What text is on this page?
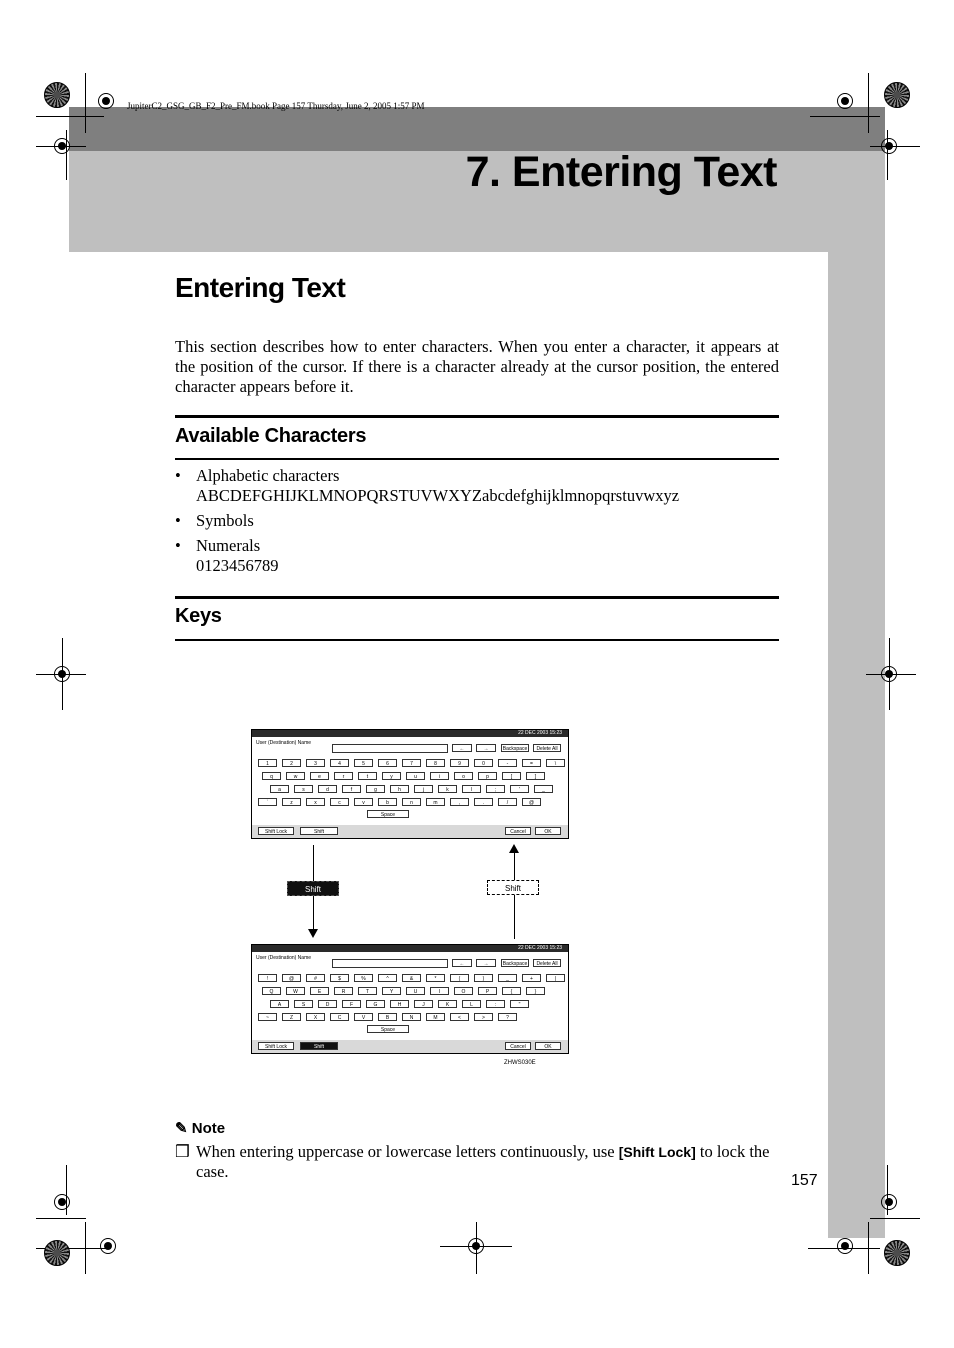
JupiterC2_GSG_GB_F2_Pre_FM.book Page 157 Thursday, June 2, 2005 1:57 PM
7. Entering Text
Entering Text
This section describes how to enter characters. When you enter a character, it appears at the position of the cursor. If there is a character already at the cursor position, the entered character appears before it.
Available Characters
• Alphabetic characters
ABCDEFGHIJKLMNOPQRSTUVWXYZabcdefghijklmnopqrstuvwxyz
• Symbols
• Numerals
0123456789
Keys
22 DEC 2003 15:23
User (Destination) Name
←	→	Backspace	Delete All
1	2	3	4	5	6	7	8	9	0	-	=	\
q	w	e	r	t	y	u	i	o	p	[	]
a	s	d	f	g	h	j	k	l	;	'	_
`	z	x	c	v	b	n	m	,	.	/	@
Space
Shift Lock	Shift	Cancel	OK
Shift	Shift
22 DEC 2003 15:23
User (Destination) Name
←	→	Backspace	Delete All
!	@	#	$	%	^	&	*	(	)	_	+	|
Q	W	E	R	T	Y	U	I	O	P	{	}
A	S	D	F	G	H	J	K	L	:	"
~	Z	X	C	V	B	N	M	<	>	?
Space
Shift Lock	Shift	Cancel	OK
ZHWS030E
✎ Note
❒ When entering uppercase or lowercase letters continuously, use [Shift Lock] to lock the case.	157
